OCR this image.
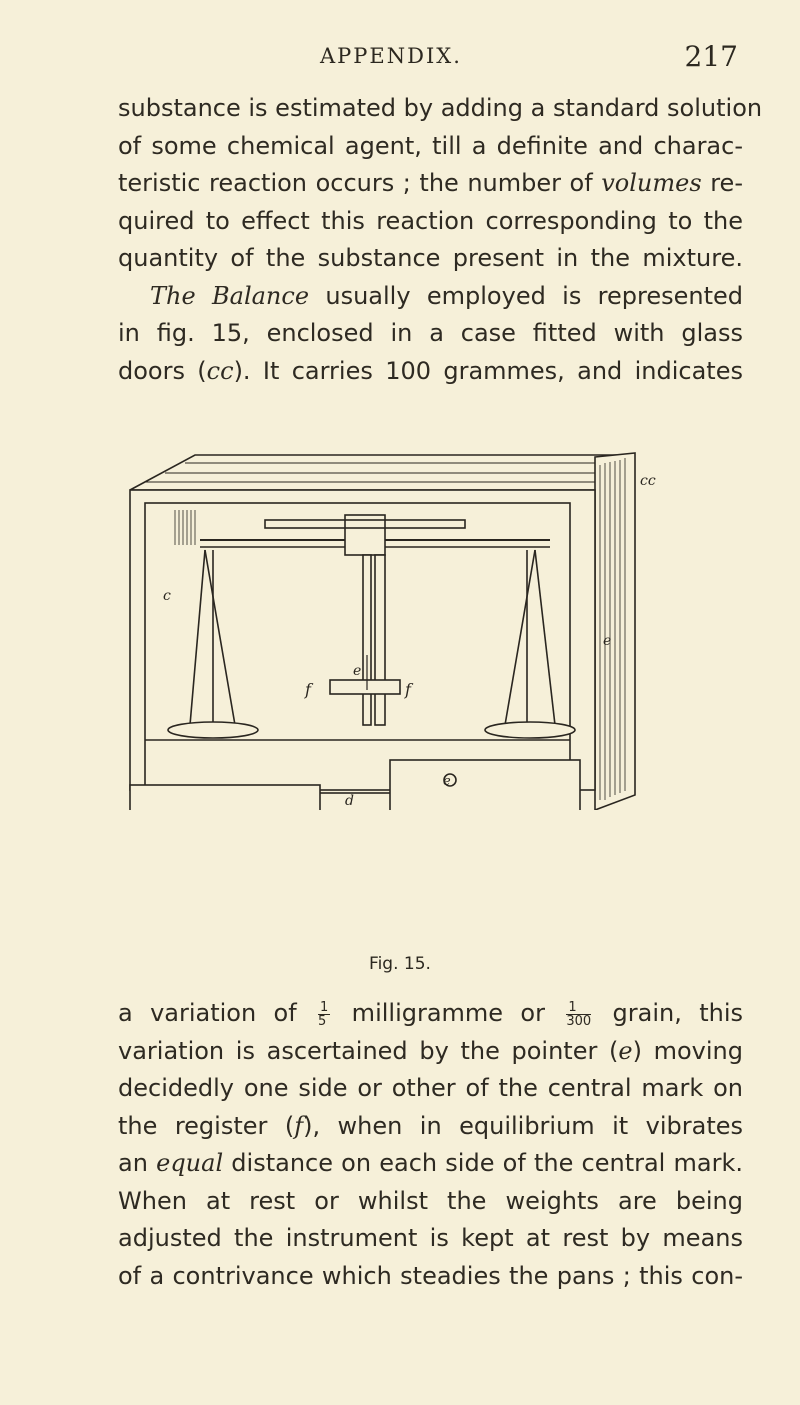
APPENDIX.	217
substance is estimated by adding a standard solution
of some chemical agent, till a definite and charac-
teristic reaction occurs ; the number of volumes re-
quired to effect this reaction corresponding to the
quantity of the substance present in the mixture.
The Balance usually employed is represented
in fig. 15, enclosed in a case fitted with glass
doors (cc). It carries 100 grammes, and indicates
cc
c
e
f	f
e
e
d
Fig. 15.
a variation of $\frac{1}{5}$ milligramme or $\frac{1}{300}$ grain, this
variation is ascertained by the pointer (e) moving
decidedly one side or other of the central mark on
the register (f), when in equilibrium it vibrates
an equal distance on each side of the central mark.
When at rest or whilst the weights are being
adjusted the instrument is kept at rest by means
of a contrivance which steadies the pans ; this con-
